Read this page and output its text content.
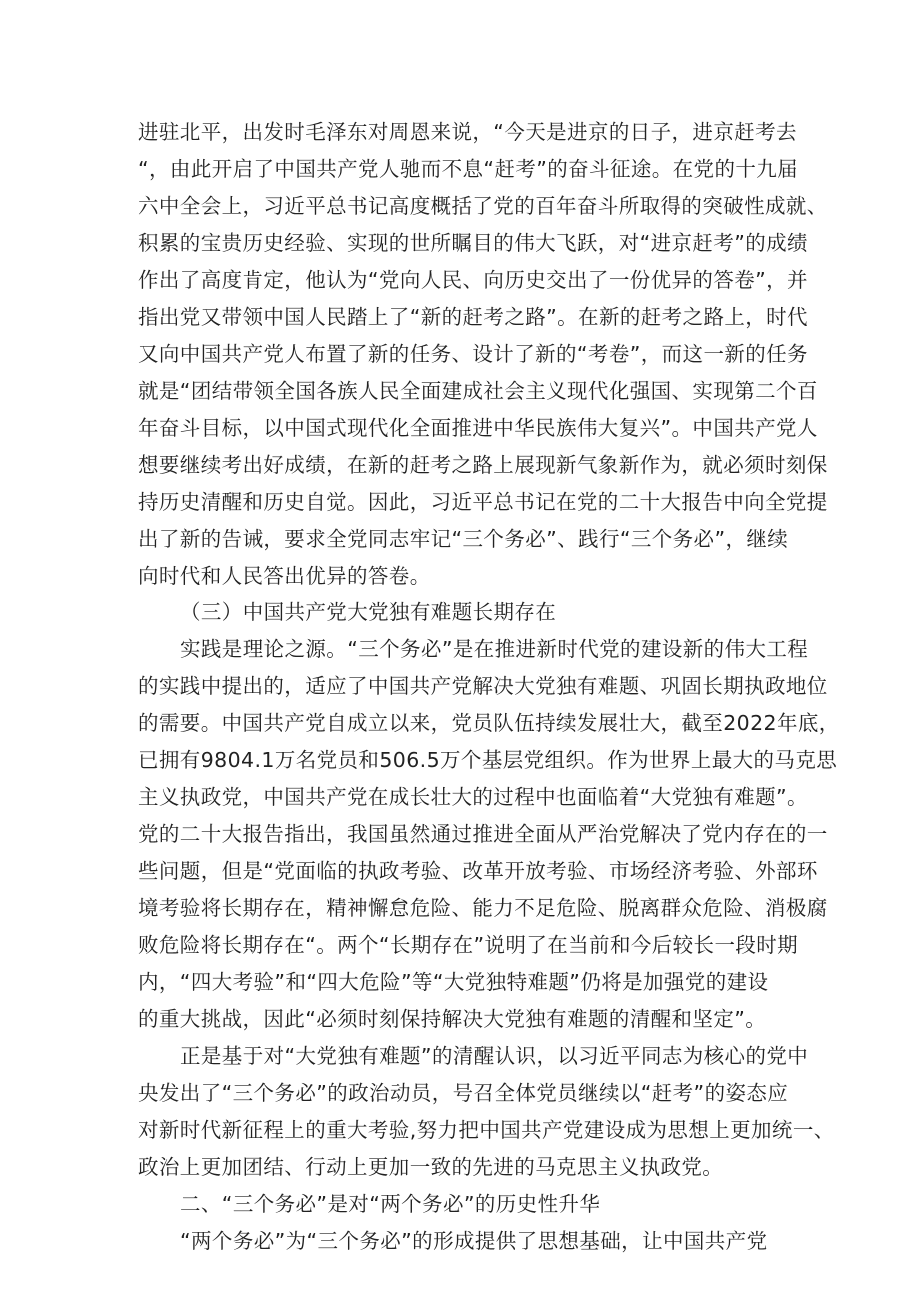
进驻北平，出发时毛泽东对周恩来说，“今天是进京的日子，进京赶考去
“，由此开启了中国共产党人驰而不息“赶考”的奋斗征途。在党的十九届
六中全会上，习近平总书记高度概括了党的百年奋斗所取得的突破性成就、
积累的宝贵历史经验、实现的世所瞩目的伟大飞跃，对“进京赶考”的成绩
作出了高度肯定，他认为“党向人民、向历史交出了一份优异的答卷”，并
指出党又带领中国人民踏上了“新的赶考之路”。在新的赶考之路上，时代
又向中国共产党人布置了新的任务、设计了新的“考卷”，而这一新的任务
就是“团结带领全国各族人民全面建成社会主义现代化强国、实现第二个百
年奋斗目标，以中国式现代化全面推进中华民族伟大复兴”。中国共产党人
想要继续考出好成绩，在新的赶考之路上展现新气象新作为，就必须时刻保
持历史清醒和历史自觉。因此，习近平总书记在党的二十大报告中向全党提
出了新的告诫，要求全党同志牢记“三个务必”、践行“三个务必”，继续
向时代和人民答出优异的答卷。
（三）中国共产党大党独有难题长期存在
实践是理论之源。“三个务必”是在推进新时代党的建设新的伟大工程
的实践中提出的，适应了中国共产党解决大党独有难题、巩固长期执政地位
的需要。中国共产党自成立以来，党员队伍持续发展壮大，截至2022年底，
已拥有9804.1万名党员和506.5万个基层党组织。作为世界上最大的马克思
主义执政党，中国共产党在成长壮大的过程中也面临着“大党独有难题”。
党的二十大报告指出，我国虽然通过推进全面从严治党解决了党内存在的一
些问题，但是“党面临的执政考验、改革开放考验、市场经济考验、外部环
境考验将长期存在，精神懈怠危险、能力不足危险、脱离群众危险、消极腐
败危险将长期存在“。两个“长期存在”说明了在当前和今后较长一段时期
内，“四大考验”和“四大危险”等“大党独特难题”仍将是加强党的建设
的重大挑战，因此“必须时刻保持解决大党独有难题的清醒和坚定”。
正是基于对“大党独有难题”的清醒认识，以习近平同志为核心的党中
央发出了“三个务必”的政治动员，号召全体党员继续以“赶考”的姿态应
对新时代新征程上的重大考验,努力把中国共产党建设成为思想上更加统一、
政治上更加团结、行动上更加一致的先进的马克思主义执政党。
二、“三个务必”是对“两个务必”的历史性升华
“两个务必”为“三个务必”的形成提供了思想基础，让中国共产党
